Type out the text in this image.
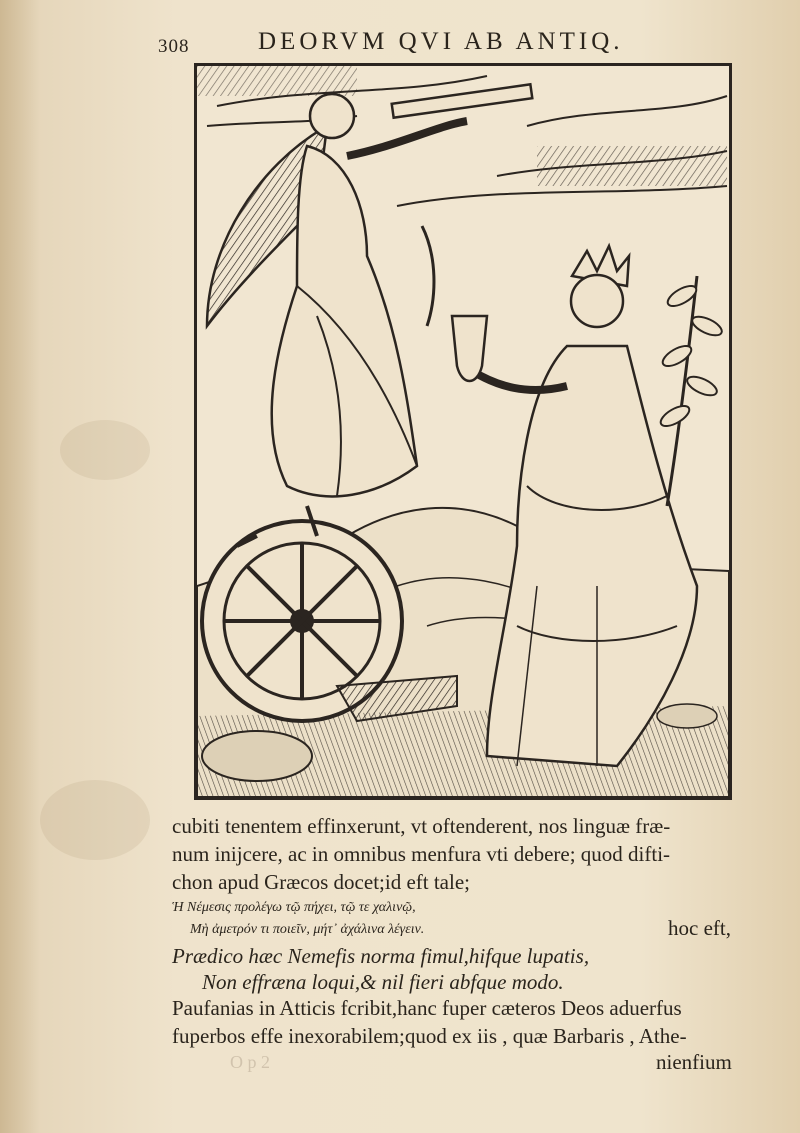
308	DEORVM QVI AB ANTIQ.
cubiti tenentem effinxerunt, vt oftenderent, nos linguæ fræ-
num inijcere, ac in omnibus menfura vti debere; quod difti-
chon apud Græcos docet;id eft tale;
Ἡ Νέμεσις προλέγω τῷ πήχει, τῷ τε χαλινῷ,
Μὴ ἀμετρόν τι ποιεῖν, μήτ᾽ ἀχάλινα λέγειν.	hoc eft,
Prædico hæc Nemefis norma fimul,hifque lupatis,
Non effræna loqui,& nil fieri abfque modo.
Paufanias in Atticis fcribit,hanc fuper cæteros Deos aduerfus
fuperbos effe inexorabilem;quod ex iis , quæ Barbaris , Athe-
O p 2	nienfium
